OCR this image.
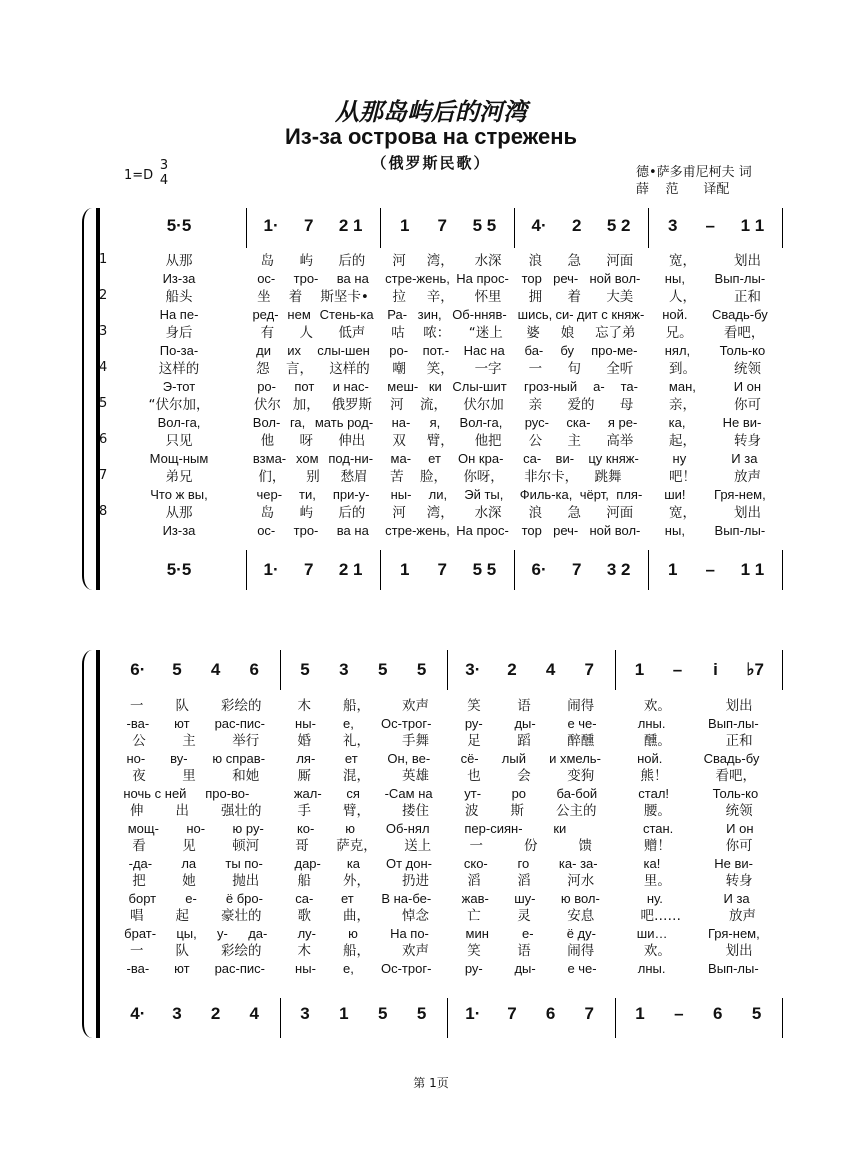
从那岛屿后的河湾
Из-за острова на стрежень
（俄罗斯民歌）
1=D
3
4
德•萨多甫尼柯夫 词
薛    范      译配
5·5	1· 7 2 1 1 7 5 5 4· 2 5 2 3 – 1 1
1	从那	岛 屿 后的 河 湾， 水深 浪 急 河面	宽，	划出
Из-за	ос- тро- ва на стре-жень, На прос- тор реч- ной вол- ны, Вып-лы-
2	船头	坐 着 斯坚卡• 拉 辛， 怀里 拥 着 大美	人，	正和
На пе-	ред- нем Стень-ка Ра- зин, Об-нняв- шись, си- дит с княж- ной. Свадь-бу
3	身后	有 人 低声 咕 哝： “迷上 婆 娘 忘了弟 兄。 看吧，
По-за-	ди их слы-шен ро- пот.- Нас на ба- бу про-ме- нял, Толь-ко
4	这样的	怨 言， 这样的 嘲 笑， 一字 一 句 全听	到。	统领
Э-тот	ро- пот и нас- меш- ки Слы-шит гроз-ный а- та- ман,	И он
5	“伏尔加，	伏尔 加， 俄罗斯 河 流， 伏尔加 亲 爱的 母	亲，	你可
Вол-га,	Вол- га, мать род- на- я, Вол-га, рус- ска- я ре- ка,	Не ви-
6	只见	他 呀 伸出 双 臂， 他把 公 主 高举	起，	转身
Мощ-ным	взма- хом под-ни- ма- ет Он кра- са- ви- цу княж-	ну	И за
7	弟兄	们， 别 愁眉 苦 脸， 你呀， 非尔卡， 跳舞	吧！	放声
Что ж вы,	чер- ти, при-у- ны- ли, Эй ты, Филь-ка, чёрт, пля- ши! Гря-нем,
8	从那	岛 屿 后的 河 湾， 水深 浪 急 河面	宽，	划出
Из-за	ос- тро- ва на стре-жень, На прос- тор реч- ной вол- ны, Вып-лы-
5·5	1· 7 2 1 1 7 5 5 6· 7 3 2 1 – 1 1
6· 5 4 6 5 3 5 5 3· 2 4 7 1 – i ♭7
一 队 彩绘的	木 船， 欢声	笑	语	闹得	欢。	划出
-ва- ют рас-пис- ны- е, Ос-трог-	ру- ды- е че-	лны.	Вып-лы-
公	主	举行	婚 礼， 手舞	足	蹈	醉醺	醺。	正和
но- ву- ю справ- ля- ет Он, ве- сё- лый и хмель-	ной.	Свадь-бу
夜	里	和她	厮 混， 英雄	也	会	变狗	熊！	看吧，
ночь с ней про-во-	жал- ся -Сам на ут- ро ба-бой	стал!	Толь-ко
伸 出 强壮的	手 臂， 搂住	波 斯 公主的	腰。	统领
мощ- но- ю ру-	ко- ю Об-нял	пер-сиян- ки	стан.	И он
看	见	顿河	哥 萨克， 送上	一	份	馈	赠！	你可
-да- ла ты по- дар- ка От дон- ско- го ка- за-	ка!	Не ви-
把	她	抛出	船 外， 扔进	滔	滔	河水	里。	转身
борт е- ё бро- са- ет В на-бе- жав- шу- ю вол-	ну.	И за
唱 起 豪壮的	歌 曲， 悼念	亡	灵	安息	吧……	放声
брат- цы, у- да- лу- ю На по-	мин	е-	ё ду-	ши…	Гря-нем,
一 队 彩绘的	木 船， 欢声	笑	语	闹得	欢。	划出
-ва- ют рас-пис- ны- е, Ос-трог-	ру- ды- е че-	лны.	Вып-лы-
4· 3 2 4 3 1 5 5 1· 7 6 7 1 – 6 5
第 1页
